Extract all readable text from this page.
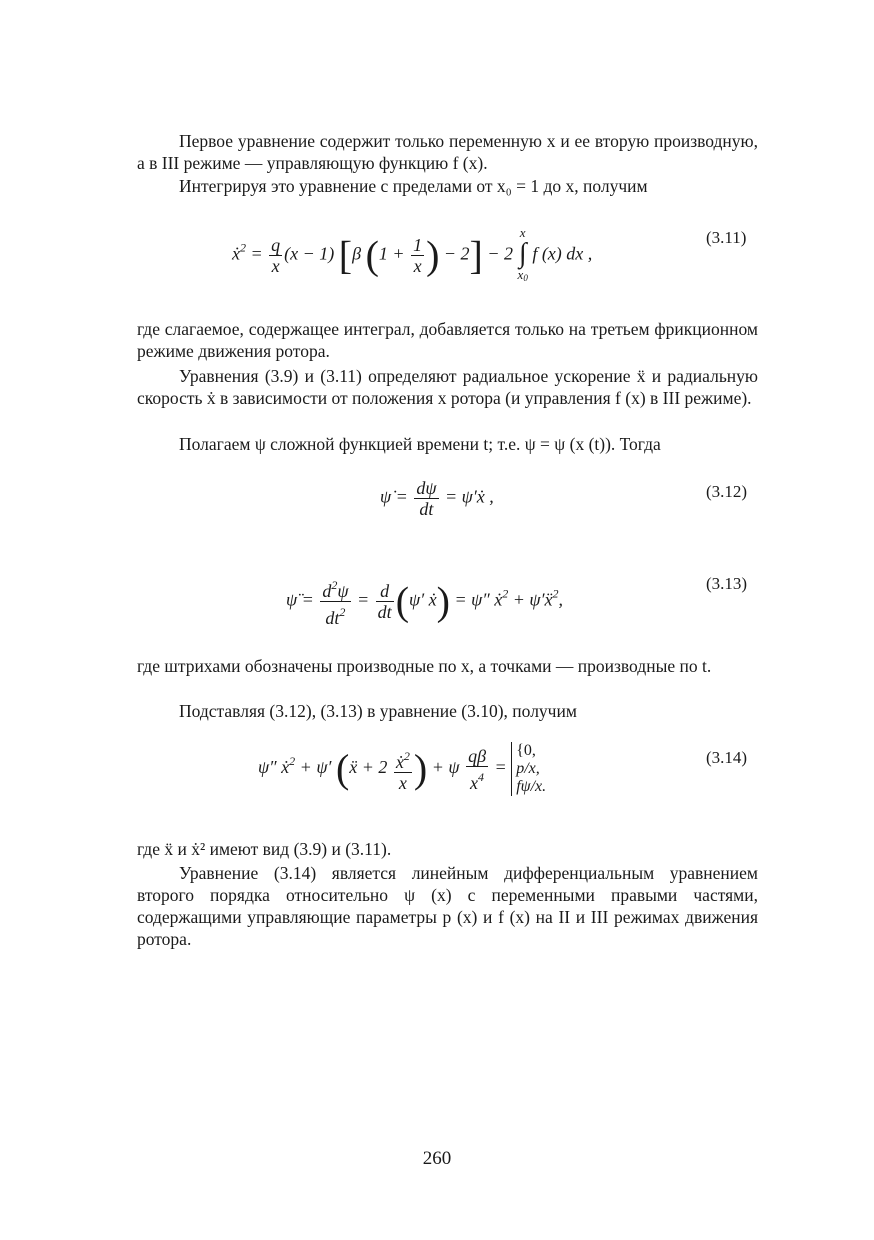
Первое уравнение содержит только переменную x и ее вторую производную, а в III режиме — управляющую функцию f (x).
Интегрируя это уравнение с пределами от x₀ = 1 до x, получим
ẋ$^2$ = $\frac{q}{x} (x - 1)$ [β ($1 + \frac{1}{x}$ ) − 2] − 2 x
∫
$x_0$ f (x) dx ,
(3.11)
где слагаемое, содержащее интеграл, добавляется только на третьем фрикционном режиме движения ротора.
Уравнения (3.9) и (3.11) определяют радиальное ускорение ẍ и радиальную скорость ẋ в зависимости от положения x ротора (и управления f (x) в III режиме).
Полагаем ψ сложной функцией времени t; т.е. ψ = ψ (x (t)). Тогда
ψ̇ = $\frac{d\psi}{dt}$ = ψ′ẋ ,	(3.12)
ψ̈ = $\frac{d^2\psi}{dt^2} = \frac{d}{dt} (\psi'$ ẋ) = ψ″ ẋ$^2$ + ψ′ẍ$^2$,
(3.13)
где штрихами обозначены производные по x, а точками — производные по t.
Подставляя (3.12), (3.13) в уравнение (3.10), получим
ψ″ ẋ$^2$ + ψ′ (ẍ + $2 \frac{ẋ^2}{x}$ ) + ψ $\frac{q\beta}{x^4}$ =
{0,
p/x,
fψ/x.
(3.14)
где ẍ и ẋ² имеют вид (3.9) и (3.11).
Уравнение (3.14) является линейным дифференциальным уравнением второго порядка относительно ψ (x) с переменными правыми частями, содержащими управляющие параметры p (x) и f (x) на II и III режимах движения ротора.
260
